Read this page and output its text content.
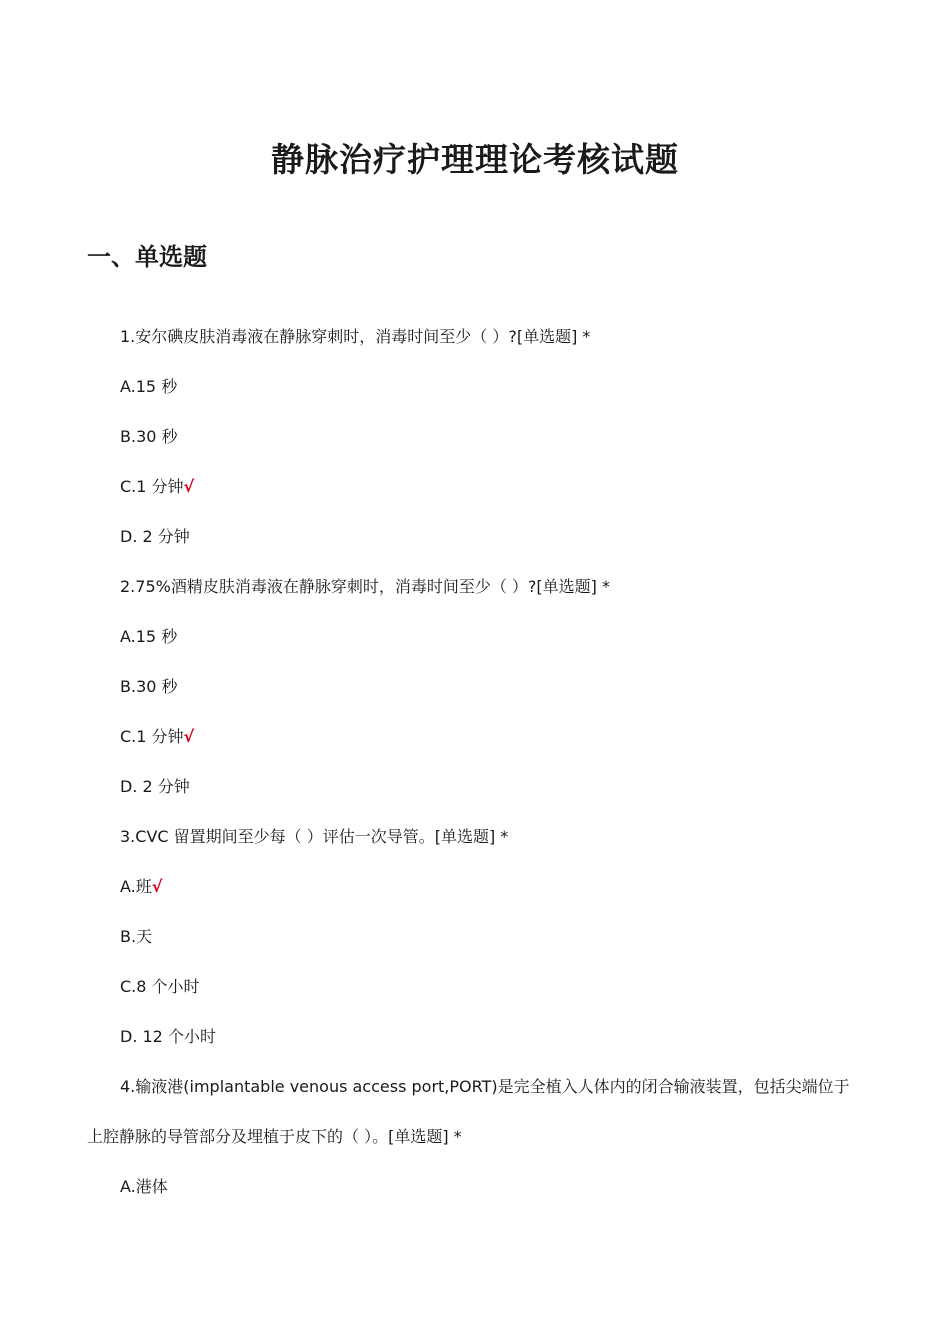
静脉治疗护理理论考核试题
一、单选题

1.安尔碘皮肤消毒液在静脉穿刺时，消毒时间至少（ ）?[单选题] *

A.15 秒

B.30 秒

C.1 分钟√

D. 2 分钟

2.75%酒精皮肤消毒液在静脉穿刺时，消毒时间至少（ ）?[单选题] *

A.15 秒

B.30 秒

C.1 分钟√

D. 2 分钟

3.CVC 留置期间至少每（ ）评估一次导管。[单选题] *

A.班√

B.天

C.8 个小时

D. 12 个小时

4.输液港(implantable venous access port,PORT)是完全植入人体内的闭合输液装置，包括尖端位于

上腔静脉的导管部分及埋植于皮下的（ ）。[单选题] *

A.港体
